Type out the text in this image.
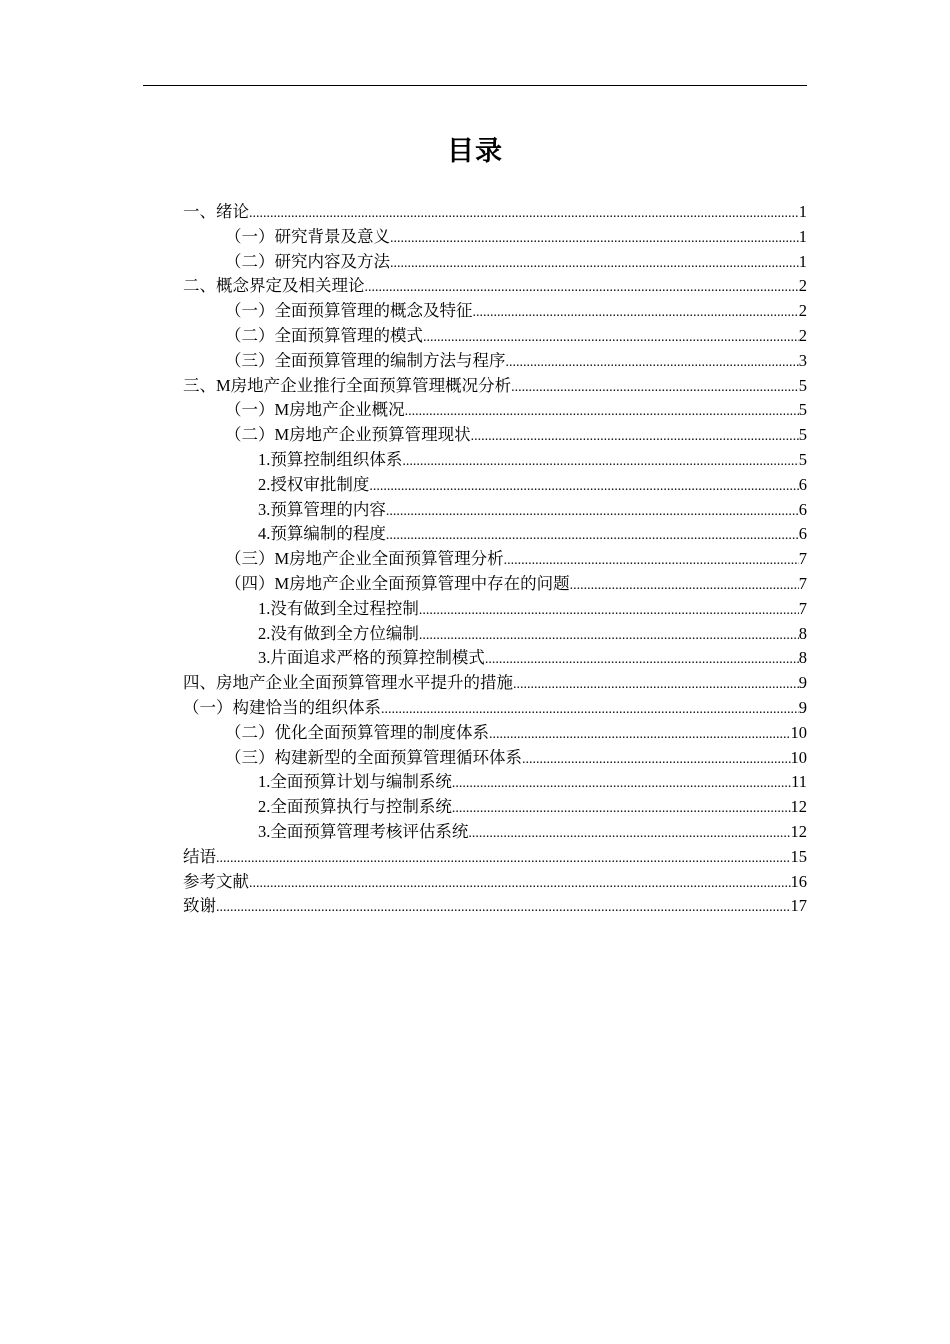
目录
一、绪论 .....	1
（一）研究背景及意义 .....	1
（二）研究内容及方法 .....	1
二、概念界定及相关理论 .....	2
（一）全面预算管理的概念及特征 .....	2
（二）全面预算管理的模式 .....	2
（三）全面预算管理的编制方法与程序 .....	3
三、M房地产企业推行全面预算管理概况分析 .....	5
（一）M房地产企业概况 .....	5
（二）M房地产企业预算管理现状 .....	5
1.预算控制组织体系 .....	5
2.授权审批制度 .....	6
3.预算管理的内容 .....	6
4.预算编制的程度 .....	6
（三）M房地产企业全面预算管理分析 .....	7
（四）M房地产企业全面预算管理中存在的问题 .....	7
1.没有做到全过程控制 .....	7
2.没有做到全方位编制 .....	8
3.片面追求严格的预算控制模式 .....	8
四、房地产企业全面预算管理水平提升的措施 .....	9
（一）构建恰当的组织体系 .....	9
（二）优化全面预算管理的制度体系 .....	10
（三）构建新型的全面预算管理循环体系 .....	10
1.全面预算计划与编制系统 .....	11
2.全面预算执行与控制系统 .....	12
3.全面预算管理考核评估系统 .....	12
结语 .....	15
参考文献 .....	16
致谢 .....	17
